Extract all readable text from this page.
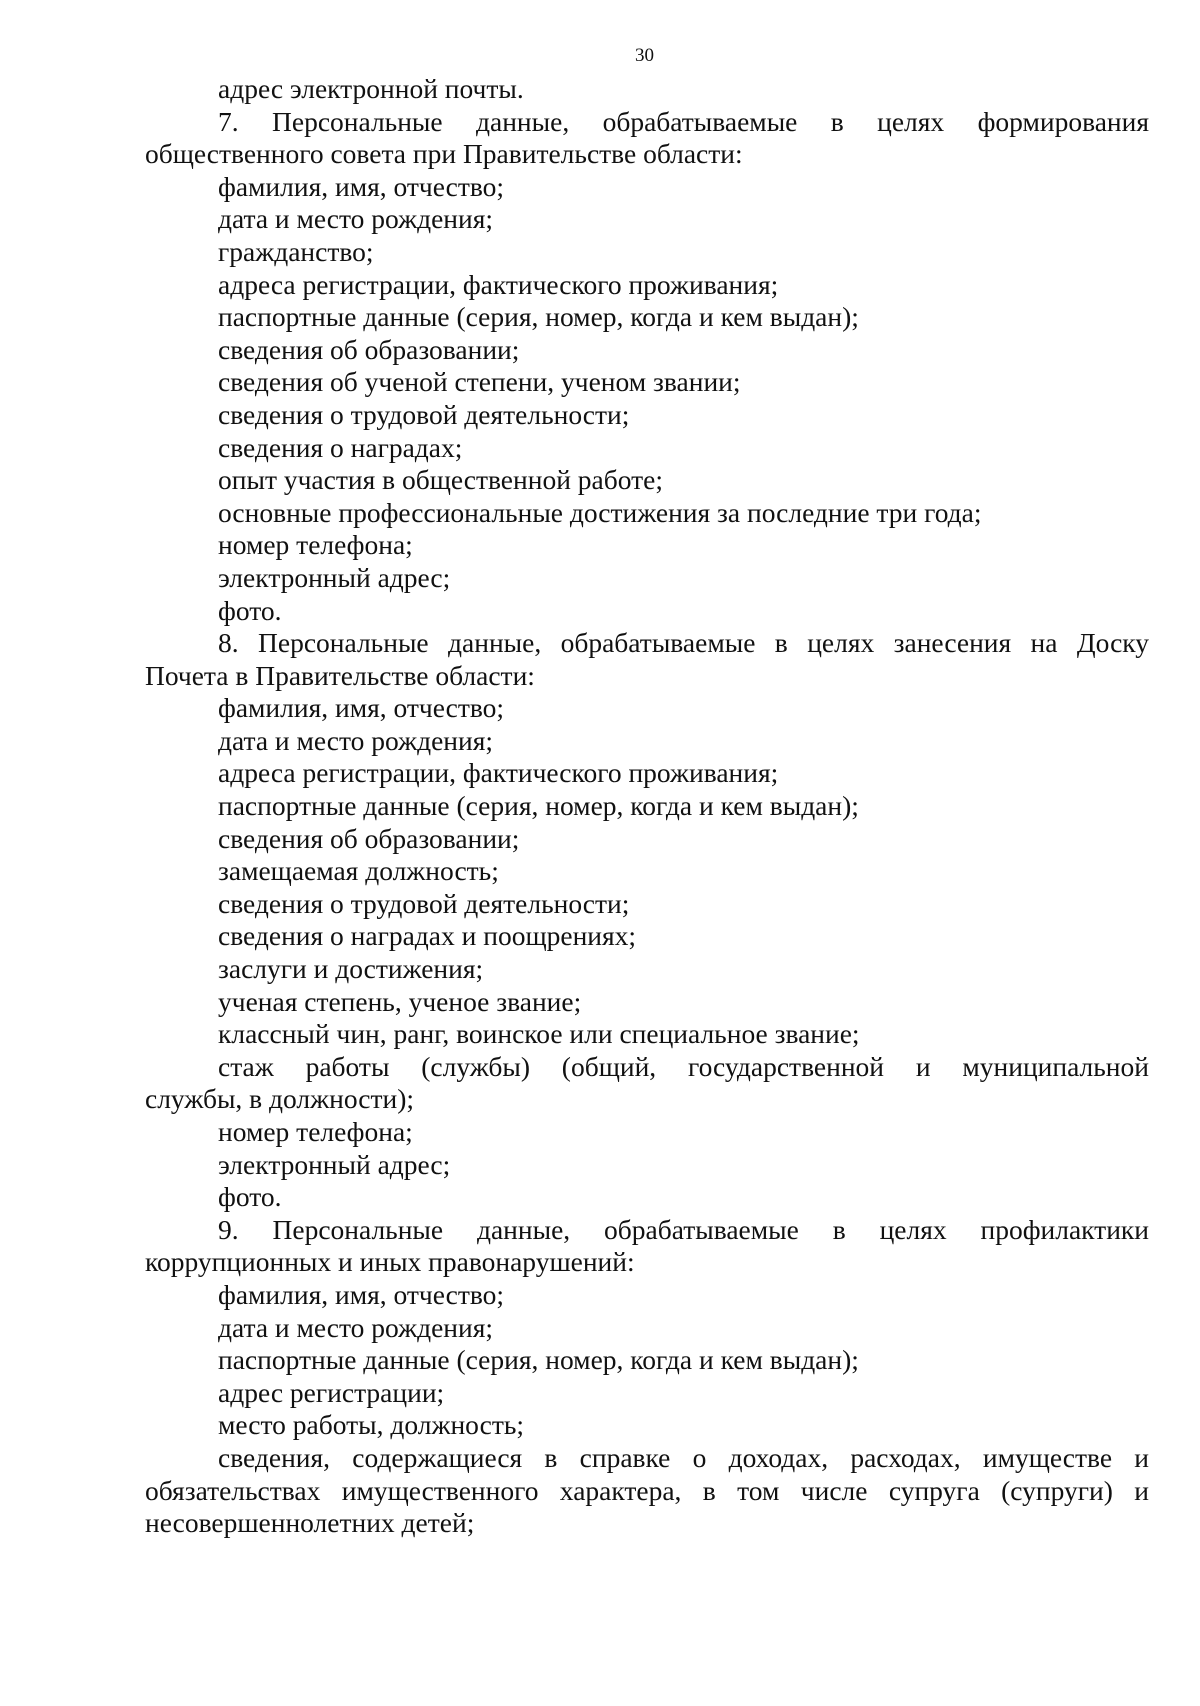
30
адрес электронной почты.
7. Персональные данные, обрабатываемые в целях формирования
общественного совета при Правительстве области:
фамилия, имя, отчество;
дата и место рождения;
гражданство;
адреса регистрации, фактического проживания;
паспортные данные (серия, номер, когда и кем выдан);
сведения об образовании;
сведения об ученой степени, ученом звании;
сведения о трудовой деятельности;
сведения о наградах;
опыт участия в общественной работе;
основные профессиональные достижения за последние три года;
номер телефона;
электронный адрес;
фото.
8. Персональные данные, обрабатываемые в целях занесения на Доску
Почета в Правительстве области:
фамилия, имя, отчество;
дата и место рождения;
адреса регистрации, фактического проживания;
паспортные данные (серия, номер, когда и кем выдан);
сведения об образовании;
замещаемая должность;
сведения о трудовой деятельности;
сведения о наградах и поощрениях;
заслуги и достижения;
ученая степень, ученое звание;
классный чин, ранг, воинское или специальное звание;
стаж работы (службы) (общий, государственной и муниципальной
службы, в должности);
номер телефона;
электронный адрес;
фото.
9. Персональные данные, обрабатываемые в целях профилактики
коррупционных и иных правонарушений:
фамилия, имя, отчество;
дата и место рождения;
паспортные данные (серия, номер, когда и кем выдан);
адрес регистрации;
место работы, должность;
сведения, содержащиеся в справке о доходах, расходах, имуществе и
обязательствах имущественного характера, в том числе супруга (супруги) и
несовершеннолетних детей;
